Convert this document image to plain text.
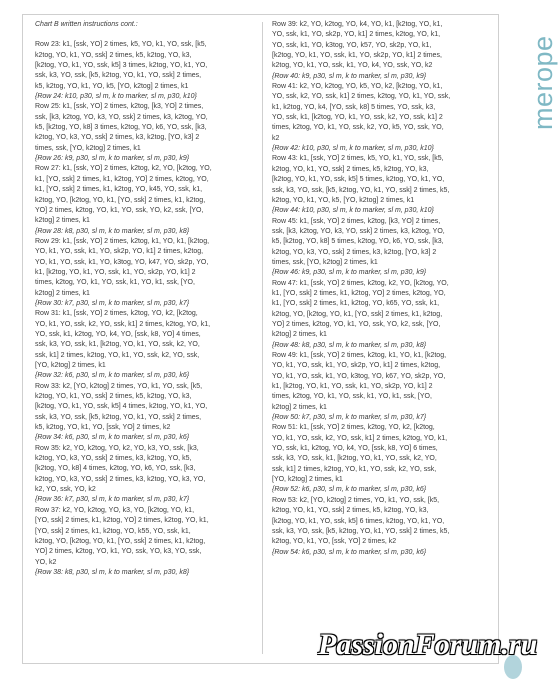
Chart B written instructions cont.:
Row 23: k1, [ssk, YO] 2 times, k5, YO, k1, YO, ssk, [k5,
k2tog, YO, k1, YO, ssk] 2 times, k5, k2tog, YO, k3,
[k2tog, YO, k1, YO, ssk, k5] 3 times, k2tog, YO, k1, YO,
ssk, k3, YO, ssk, [k5, k2tog, YO, k1, YO, ssk] 2 times,
k5, k2tog, YO, k1, YO, k5, [YO, k2tog] 2 times, k1
{Row 24: k10, p30, sl m, k to marker, sl m, p30, k10}
Row 25: k1, [ssk, YO] 2 times, k2tog, [k3, YO] 2 times,
ssk, [k3, k2tog, YO, k3, YO, ssk] 2 times, k3, k2tog, YO,
k5, [k2tog, YO, k8] 3 times, k2tog, YO, k6, YO, ssk, [k3,
k2tog, YO, k3, YO, ssk] 2 times, k3, k2tog, [YO, k3] 2
times, ssk, [YO, k2tog] 2 times, k1
{Row 26: k9, p30, sl m, k to marker, sl m, p30, k9}
Row 27: k1, [ssk, YO] 2 times, k2tog, k2, YO, [k2tog, YO,
k1, [YO, ssk] 2 times, k1, k2tog, YO] 2 times, k2tog, YO,
k1, [YO, ssk] 2 times, k1, k2tog, YO, k45, YO, ssk, k1,
k2tog, YO, [k2tog, YO, k1, [YO, ssk] 2 times, k1, k2tog,
YO] 2 times, k2tog, YO, k1, YO, ssk, YO, k2, ssk, [YO,
k2tog] 2 times, k1
{Row 28: k8, p30, sl m, k to marker, sl m, p30, k8}
Row 29: k1, [ssk, YO] 2 times, k2tog, k1, YO, k1, [k2tog,
YO, k1, YO, ssk, k1, YO, sk2p, YO, k1] 2 times, k2tog,
YO, k1, YO, ssk, k1, YO, k3tog, YO, k47, YO, sk2p, YO,
k1, [k2tog, YO, k1, YO, ssk, k1, YO, sk2p, YO, k1] 2
times, k2tog, YO, k1, YO, ssk, k1, YO, k1, ssk, [YO,
k2tog] 2 times, k1
{Row 30: k7, p30, sl m, k to marker, sl m, p30, k7}
Row 31: k1, [ssk, YO] 2 times, k2tog, YO, k2, [k2tog,
YO, k1, YO, ssk, k2, YO, ssk, k1] 2 times, k2tog, YO, k1,
YO, ssk, k1, k2tog, YO, k4, YO, [ssk, k8, YO] 4 times,
ssk, k3, YO, ssk, k1, [k2tog, YO, k1, YO, ssk, k2, YO,
ssk, k1] 2 times, k2tog, YO, k1, YO, ssk, k2, YO, ssk,
[YO, k2tog] 2 times, k1
{Row 32: k6, p30, sl m, k to marker, sl m, p30, k6}
Row 33: k2, [YO, k2tog] 2 times, YO, k1, YO, ssk, [k5,
k2tog, YO, k1, YO, ssk] 2 times, k5, k2tog, YO, k3,
[k2tog, YO, k1, YO, ssk, k5] 4 times, k2tog, YO, k1, YO,
ssk, k3, YO, ssk, [k5, k2tog, YO, k1, YO, ssk] 2 times,
k5, k2tog, YO, k1, YO, [ssk, YO] 2 times, k2
{Row 34: k6, p30, sl m, k to marker, sl m, p30, k6}
Row 35: k2, YO, k2tog, YO, k2, YO, k3, YO, ssk, [k3,
k2tog, YO, k3, YO, ssk] 2 times, k3, k2tog, YO, k5,
[k2tog, YO, k8] 4 times, k2tog, YO, k6, YO, ssk, [k3,
k2tog, YO, k3, YO, ssk] 2 times, k3, k2tog, YO, k3, YO,
k2, YO, ssk, YO, k2
{Row 36: k7, p30, sl m, k to marker, sl m, p30, k7}
Row 37: k2, YO, k2tog, YO, k3, YO, [k2tog, YO, k1,
[YO, ssk] 2 times, k1, k2tog, YO] 2 times, k2tog, YO, k1,
[YO, ssk] 2 times, k1, k2tog, YO, k55, YO, ssk, k1,
k2tog, YO, [k2tog, YO, k1, [YO, ssk] 2 times, k1, k2tog,
YO] 2 times, k2tog, YO, k1, YO, ssk, YO, k3, YO, ssk,
YO, k2
{Row 38: k8, p30, sl m, k to marker, sl m, p30, k8}
Row 39: k2, YO, k2tog, YO, k4, YO, k1, [k2tog, YO, k1,
YO, ssk, k1, YO, sk2p, YO, k1] 2 times, k2tog, YO, k1,
YO, ssk, k1, YO, k3tog, YO, k57, YO, sk2p, YO, k1,
[k2tog, YO, k1, YO, ssk, k1, YO, sk2p, YO, k1] 2 times,
k2tog, YO, k1, YO, ssk, k1, YO, k4, YO, ssk, YO, k2
{Row 40: k9, p30, sl m, k to marker, sl m, p30, k9}
Row 41: k2, YO, k2tog, YO, k5, YO, k2, [k2tog, YO, k1,
YO, ssk, k2, YO, ssk, k1] 2 times, k2tog, YO, k1, YO, ssk,
k1, k2tog, YO, k4, [YO, ssk, k8] 5 times, YO, ssk, k3,
YO, ssk, k1, [k2tog, YO, k1, YO, ssk, k2, YO, ssk, k1] 2
times, k2tog, YO, k1, YO, ssk, k2, YO, k5, YO, ssk, YO,
k2
{Row 42: k10, p30, sl m, k to marker, sl m, p30, k10}
Row 43: k1, [ssk, YO] 2 times, k5, YO, k1, YO, ssk, [k5,
k2tog, YO, k1, YO, ssk] 2 times, k5, k2tog, YO, k3,
[k2tog, YO, k1, YO, ssk, k5] 5 times, k2tog, YO, k1, YO,
ssk, k3, YO, ssk, [k5, k2tog, YO, k1, YO, ssk] 2 times, k5,
k2tog, YO, k1, YO, k5, [YO, k2tog] 2 times, k1
{Row 44: k10, p30, sl m, k to marker, sl m, p30, k10}
Row 45: k1, [ssk, YO] 2 times, k2tog, [k3, YO] 2 times,
ssk, [k3, k2tog, YO, k3, YO, ssk] 2 times, k3, k2tog, YO,
k5, [k2tog, YO, k8] 5 times, k2tog, YO, k6, YO, ssk, [k3,
k2tog, YO, k3, YO, ssk] 2 times, k3, k2tog, [YO, k3] 2
times, ssk, [YO, k2tog] 2 times, k1
{Row 46: k9, p30, sl m, k to marker, sl m, p30, k9}
Row 47: k1, [ssk, YO] 2 times, k2tog, k2, YO, [k2tog, YO,
k1, [YO, ssk] 2 times, k1, k2tog, YO] 2 times, k2tog, YO,
k1, [YO, ssk] 2 times, k1, k2tog, YO, k65, YO, ssk, k1,
k2tog, YO, [k2tog, YO, k1, [YO, ssk] 2 times, k1, k2tog,
YO] 2 times, k2tog, YO, k1, YO, ssk, YO, k2, ssk, [YO,
k2tog] 2 times, k1
{Row 48: k8, p30, sl m, k to marker, sl m, p30, k8}
Row 49: k1, [ssk, YO] 2 times, k2tog, k1, YO, k1, [k2tog,
YO, k1, YO, ssk, k1, YO, sk2p, YO, k1] 2 times, k2tog,
YO, k1, YO, ssk, k1, YO, k3tog, YO, k67, YO, sk2p, YO,
k1, [k2tog, YO, k1, YO, ssk, k1, YO, sk2p, YO, k1] 2
times, k2tog, YO, k1, YO, ssk, k1, YO, k1, ssk, [YO,
k2tog] 2 times, k1
{Row 50: k7, p30, sl m, k to marker, sl m, p30, k7}
Row 51: k1, [ssk, YO] 2 times, k2tog, YO, k2, [k2tog,
YO, k1, YO, ssk, k2, YO, ssk, k1] 2 times, k2tog, YO, k1,
YO, ssk, k1, k2tog, YO, k4, YO, [ssk, k8, YO] 6 times,
ssk, k3, YO, ssk, k1, [k2tog, YO, k1, YO, ssk, k2, YO,
ssk, k1] 2 times, k2tog, YO, k1, YO, ssk, k2, YO, ssk,
[YO, k2tog] 2 times, k1
{Row 52: k6, p30, sl m, k to marker, sl m, p30, k6}
Row 53: k2, [YO, k2tog] 2 times, YO, k1, YO, ssk, [k5,
k2tog, YO, k1, YO, ssk] 2 times, k5, k2tog, YO, k3,
[k2tog, YO, k1, YO, ssk, k5] 6 times, k2tog, YO, k1, YO,
ssk, k3, YO, ssk, [k5, k2tog, YO, k1, YO, ssk] 2 times, k5,
k2tog, YO, k1, YO, [ssk, YO] 2 times, k2
{Row 54: k6, p30, sl m, k to marker, sl m, p30, k6}
merope
PassionForum.ru
